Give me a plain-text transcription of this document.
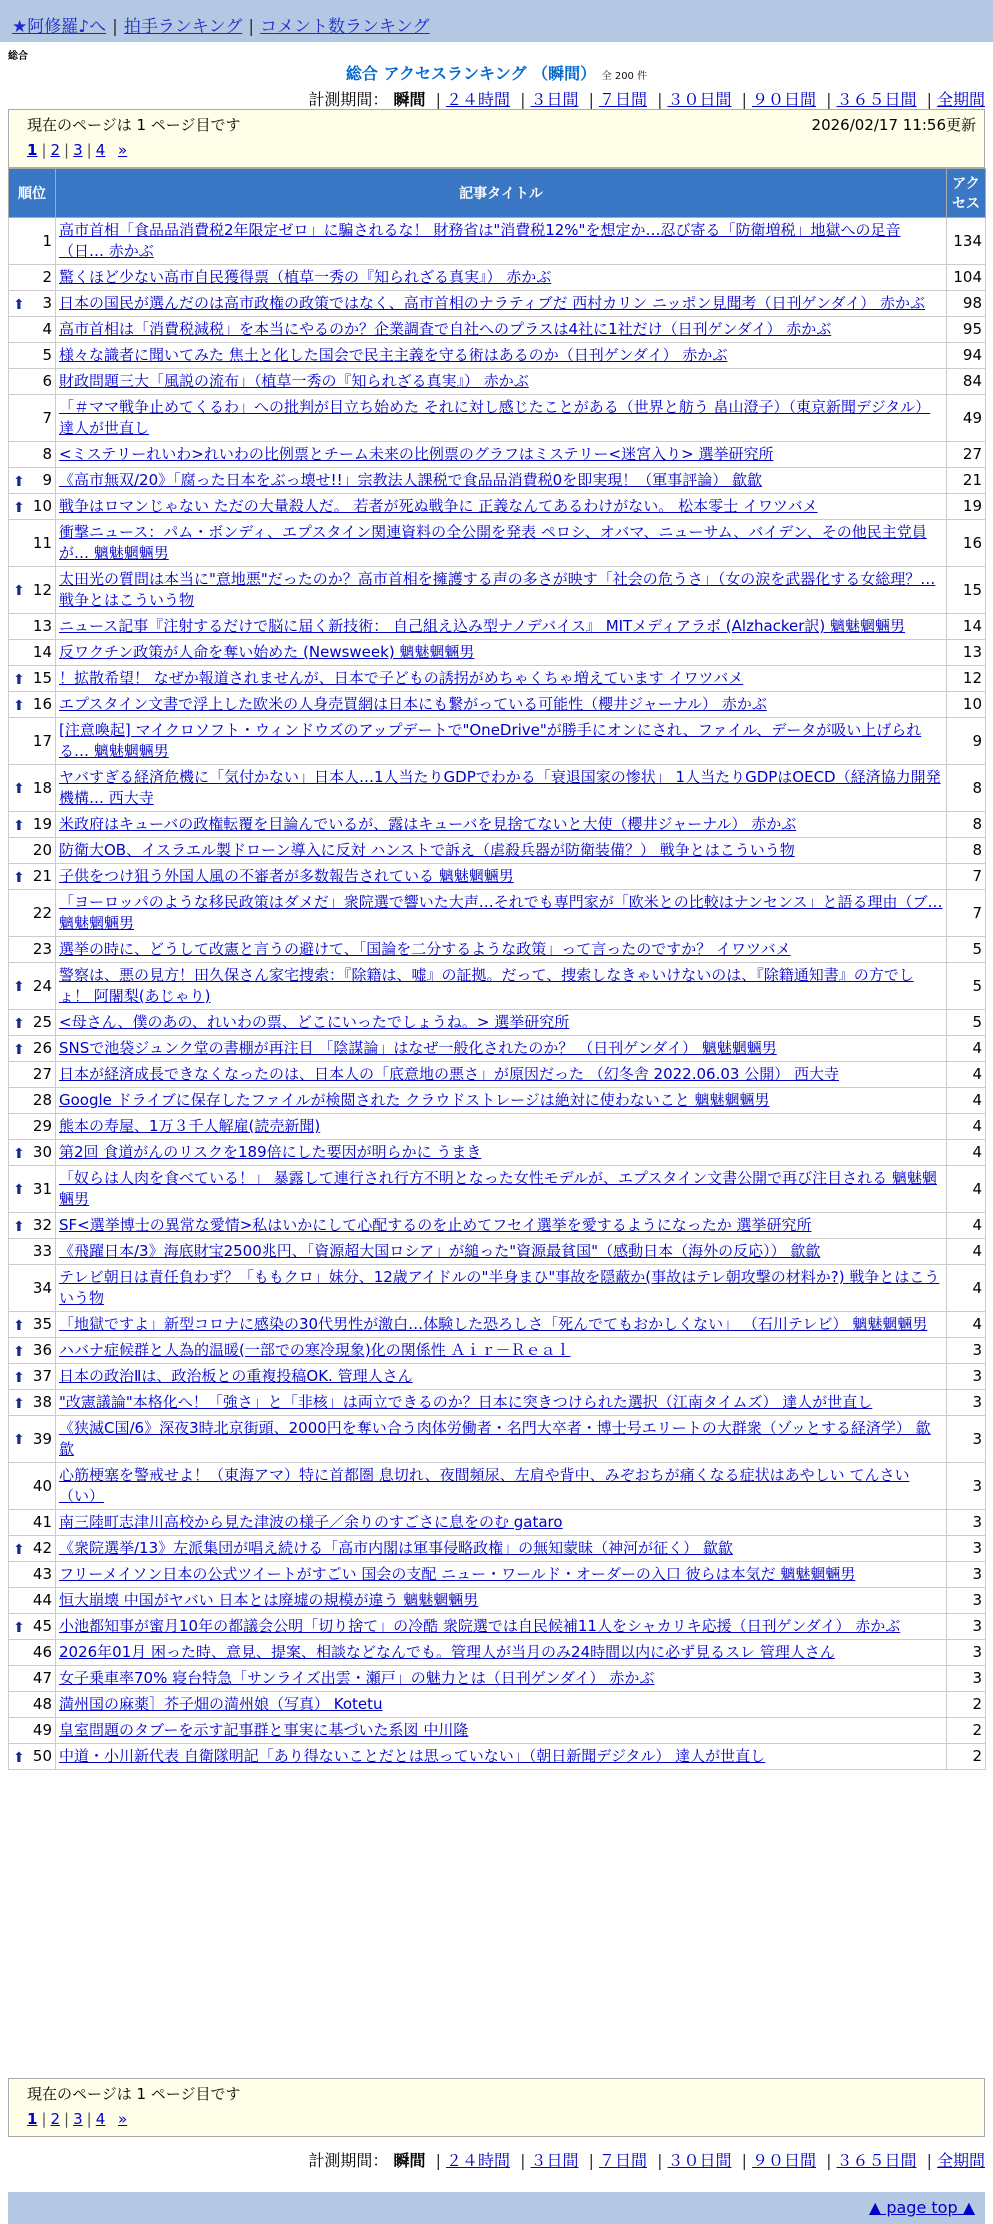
★阿修羅♪へ | 拍手ランキング | コメント数ランキング
総合
総合 アクセスランキング （瞬間） 全 200 件
計測期間： 瞬間 | ２４時間 | ３日間 | ７日間 | ３０日間 | ９０日間 | ３６５日間 | 全期間
現在のページは 1 ページ目です	2026/02/17 11:56更新
1 | 2 | 3 | 4 »
順位	記事タイトル	アクセス
1	高市首相「食品品消費税2年限定ゼロ」に騙されるな！ 財務省は"消費税12%"を想定か…忍び寄る「防衛増税」地獄への足音（日… 赤かぶ	134
2	驚くほど少ない高市自民獲得票（植草一秀の『知られざる真実』） 赤かぶ	104

⬆ 3	日本の国民が選んだのは高市政権の政策ではなく、高市首相のナラティブだ 西村カリン ニッポン見聞考（日刊ゲンダイ） 赤かぶ	98
4	高市首相は「消費税減税」を本当にやるのか？企業調査で自社へのプラスは4社に1社だけ（日刊ゲンダイ） 赤かぶ	95
5	様々な識者に聞いてみた 焦土と化した国会で民主主義を守る術はあるのか（日刊ゲンダイ） 赤かぶ	94
6	財政問題三大「風説の流布」（植草一秀の『知られざる真実』） 赤かぶ	84
7	「＃ママ戦争止めてくるわ」への批判が目立ち始めた それに対し感じたことがある（世界と舫う 畠山澄子）（東京新聞デジタル） 達人が世直し	49
8	<ミステリーれいわ>れいわの比例票とチーム未来の比例票のグラフはミステリー<迷宮入り> 選挙研究所	27

⬆ 9	《高市無双/20》「腐った日本をぶっ壊せ!!」宗教法人課税で食品品消費税0を即実現！（軍事評論） 歙歙	21

⬆ 10	戦争はロマンじゃない ただの大量殺人だ。 若者が死ぬ戦争に 正義なんてあるわけがない。 松本零士 イワツバメ	19
11	衝撃ニュース：パム・ボンディ、エプスタイン関連資料の全公開を発表 ペロシ、オバマ、ニューサム、バイデン、その他民主党員が… 魑魅魍魎男	16

⬆ 12	太田光の質問は本当に"意地悪"だったのか？高市首相を擁護する声の多さが映す「社会の危うさ」（女の涙を武器化する女総理？… 戦争とはこういう物	15
13	ニュース記事『注射するだけで脳に届く新技術： 自己組え込み型ナノデバイス』 MITメディアラボ (Alzhacker訳) 魑魅魍魎男	14
14	反ワクチン政策が人命を奪い始めた (Newsweek) 魑魅魍魎男	13

⬆ 15	！拡散希望！ なぜか報道されませんが、日本で子どもの誘拐がめちゃくちゃ増えています イワツバメ	12

⬆ 16	エプスタイン文書で浮上した欧米の人身売買網は日本にも繋がっている可能性（櫻井ジャーナル） 赤かぶ	10
17	[注意喚起] マイクロソフト・ウィンドウズのアップデートで"OneDrive"が勝手にオンにされ、ファイル、データが吸い上げられる… 魑魅魍魎男	9

⬆ 18	ヤバすぎる経済危機に「気付かない」日本人…1人当たりGDPでわかる「衰退国家の惨状」 1人当たりGDPはOECD（経済協力開発機構… 西大寺	8

⬆ 19	米政府はキューバの政権転覆を目論んでいるが、露はキューバを見捨てないと大使（櫻井ジャーナル） 赤かぶ	8
20	防衛大OB、イスラエル製ドローン導入に反対 ハンストで訴え（虐殺兵器が防衛装備？） 戦争とはこういう物	8

⬆ 21	子供をつけ狙う外国人風の不審者が多数報告されている 魑魅魍魎男	7
22	「ヨーロッパのような移民政策はダメだ」衆院選で響いた大声…それでも専門家が「欧米との比較はナンセンス」と語る理由（ブ… 魑魅魍魎男	7
23	選挙の時に、どうして改憲と言うの避けて、「国論を二分するような政策」って言ったのですか？ イワツバメ	5

⬆ 24	警察は、悪の見方！田久保さん家宅捜索：『除籍は、嘘』の証拠。だって、捜索しなきゃいけないのは、『除籍通知書』の方でしょ！ 阿闍梨(あじゃり)	5

⬆ 25	<母さん、僕のあの、れいわの票、どこにいったでしょうね。> 選挙研究所	5

⬆ 26	SNSで池袋ジュンク堂の書棚が再注目 「陰謀論」はなぜ一般化されたのか？ （日刊ゲンダイ） 魑魅魍魎男	4
27	日本が経済成長できなくなったのは、日本人の「底意地の悪さ」が原因だった （幻冬舎 2022.06.03 公開） 西大寺	4
28	Google ドライブに保存したファイルが検閲された クラウドストレージは絶対に使わないこと 魑魅魍魎男	4
29	熊本の寿屋、1万３千人解雇(読売新聞)	4

⬆ 30	第2回 食道がんのリスクを189倍にした要因が明らかに うまき	4

⬆ 31	「奴らは人肉を食べている！」 暴露して連行され行方不明となった女性モデルが、エプスタイン文書公開で再び注目される 魑魅魍魎男	4

⬆ 32	SF<選挙博士の異常な愛情>私はいかにして心配するのを止めてフセイ選挙を愛するようになったか 選挙研究所	4
33	《飛躍日本/3》海底財宝2500兆円、「資源超大国ロシア」が縋った"資源最貧国"（感動日本（海外の反応）） 歙歙	4
34	テレビ朝日は責任負わず？「ももクロ」妹分、12歳アイドルの"半身まひ"事故を隠蔽か(事故はテレ朝攻撃の材料か?) 戦争とはこういう物	4

⬆ 35	「地獄ですよ」新型コロナに感染の30代男性が激白…体験した恐ろしさ「死んでてもおかしくない」 （石川テレビ） 魑魅魍魎男	4

⬆ 36	ハバナ症候群と人為的温暖(一部での寒冷現象)化の関係性 Ａｉｒ－Ｒｅａｌ	3

⬆ 37	日本の政治Ⅱは、政治板との重複投稿OK. 管理人さん	3

⬆ 38	"改憲議論"本格化へ！「強さ」と「非核」は両立できるのか？日本に突きつけられた選択（江南タイムズ） 達人が世直し	3

⬆ 39	《狭滅C国/6》深夜3時北京街頭、2000円を奪い合う肉体労働者・名門大卒者・博士号エリートの大群衆（ゾッとする経済学） 歙歙	3
40	心筋梗塞を警戒せよ！（東海アマ）特に首都圏 息切れ、夜間頻尿、左肩や背中、みぞおちが痛くなる症状はあやしい てんさい（い）	3
41	南三陸町志津川高校から見た津波の様子／余りのすごさに息をのむ gataro	3

⬆ 42	《衆院選挙/13》左派集団が唱え続ける「高市内閣は軍事侵略政権」の無知蒙昧（神河が征く） 歙歙	3
43	フリーメイソン日本の公式ツイートがすごい 国会の支配 ニュー・ワールド・オーダーの入口 彼らは本気だ 魑魅魍魎男	3
44	恒大崩壊 中国がヤバい 日本とは廃墟の規模が違う 魑魅魍魎男	3

⬆ 45	小池都知事が蜜月10年の都議会公明「切り捨て」の冷酷 衆院選では自民候補11人をシャカリキ応援（日刊ゲンダイ） 赤かぶ	3
46	2026年01月 困った時、意見、提案、相談などなんでも。管理人が当月のみ24時間以内に必ず見るスレ 管理人さん	3
47	女子乗車率70% 寝台特急「サンライズ出雲・瀬戸」の魅力とは（日刊ゲンダイ） 赤かぶ	3
48	満州国の麻薬］芥子畑の満州娘（写真） Kotetu	2
49	皇室問題のタブーを示す記事群と事実に基づいた系図 中川隆	2

⬆ 50	中道・小川新代表 自衛隊明記「あり得ないことだとは思っていない」（朝日新聞デジタル） 達人が世直し	2
現在のページは 1 ページ目です
1 | 2 | 3 | 4 »
計測期間： 瞬間 | ２４時間 | ３日間 | ７日間 | ３０日間 | ９０日間 | ３６５日間 | 全期間
▲ page top ▲
